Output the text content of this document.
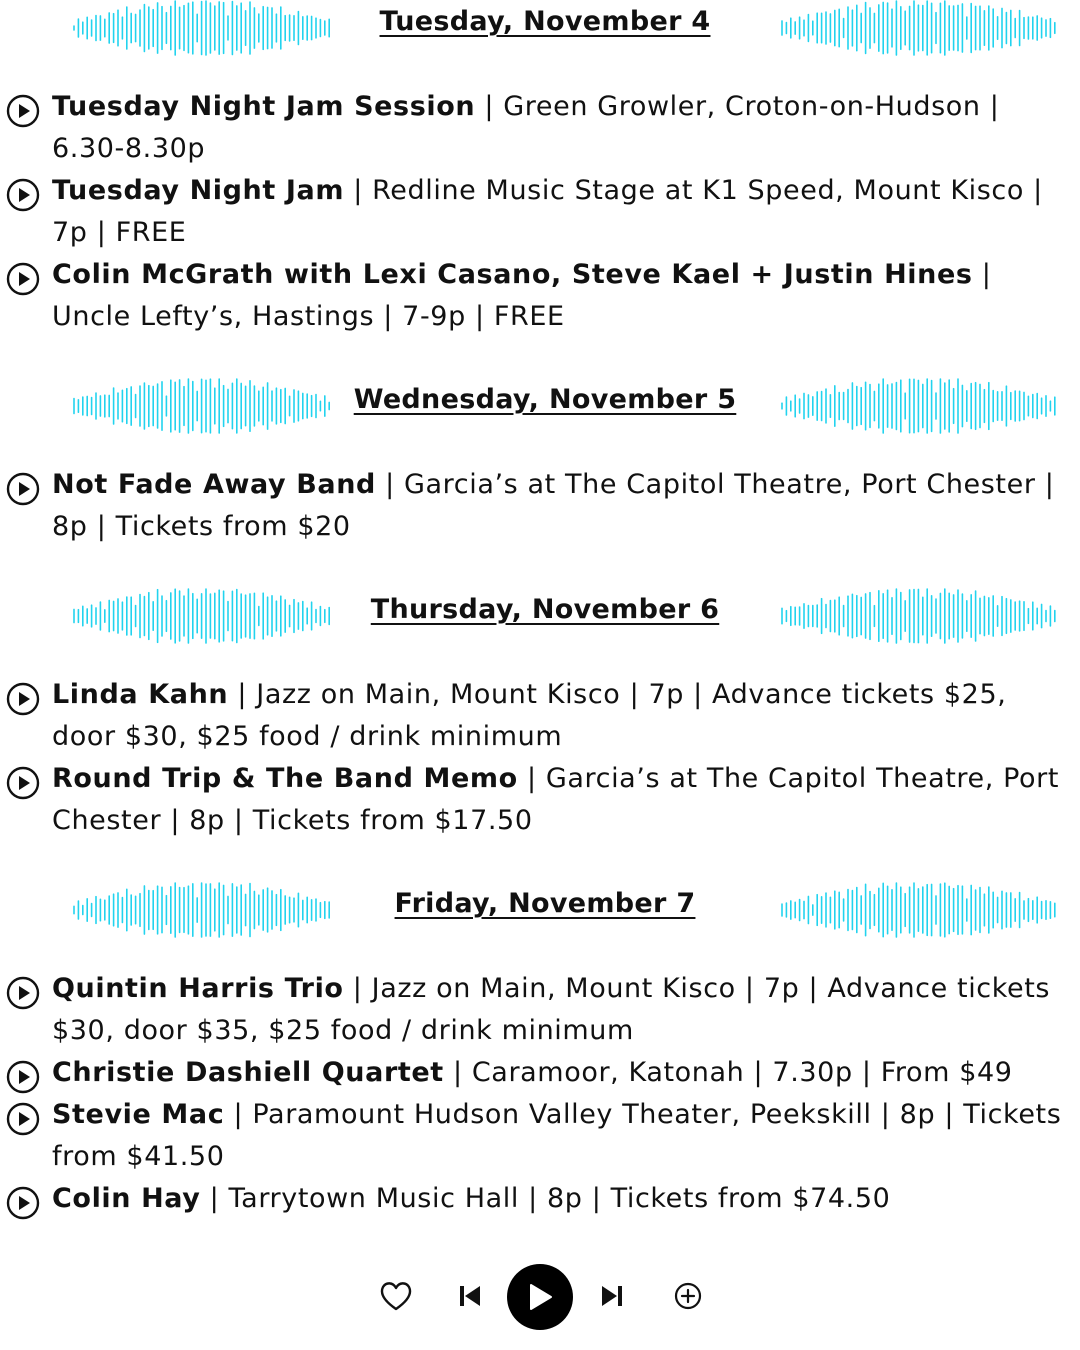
Tuesday, November 4
Tuesday Night Jam Session | Green Growler, Croton-on-Hudson | 6.30-8.30p
Tuesday Night Jam | Redline Music Stage at K1 Speed, Mount Kisco | 7p | FREE
Colin McGrath with Lexi Casano, Steve Kael + Justin Hines | Uncle Lefty’s, Hastings | 7-9p | FREE
Wednesday, November 5
Not Fade Away Band | Garcia’s at The Capitol Theatre, Port Chester | 8p | Tickets from $20
Thursday, November 6
Linda Kahn | Jazz on Main, Mount Kisco | 7p | Advance tickets $25, door $30, $25 food / drink minimum
Round Trip & The Band Memo | Garcia’s at The Capitol Theatre, Port Chester | 8p | Tickets from $17.50
Friday, November 7
Quintin Harris Trio | Jazz on Main, Mount Kisco | 7p | Advance tickets $30, door $35, $25 food / drink minimum
Christie Dashiell Quartet | Caramoor, Katonah | 7.30p | From $49
Stevie Mac | Paramount Hudson Valley Theater, Peekskill | 8p | Tickets from $41.50
Colin Hay | Tarrytown Music Hall | 8p | Tickets from $74.50
